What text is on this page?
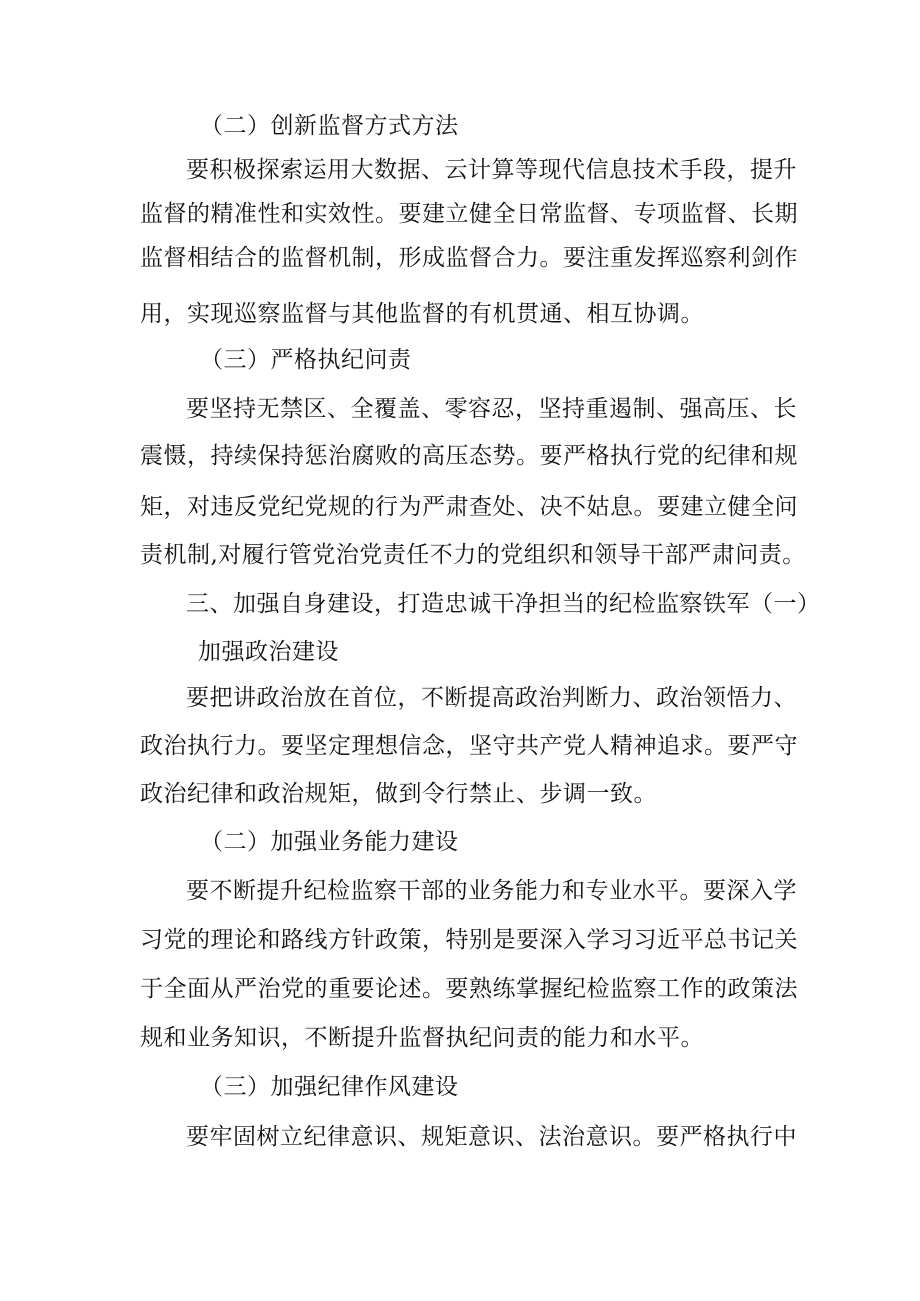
（二）创新监督方式方法
要积极探索运用大数据、云计算等现代信息技术手段，提升
监督的精准性和实效性。要建立健全日常监督、专项监督、长期
监督相结合的监督机制，形成监督合力。要注重发挥巡察利剑作
用，实现巡察监督与其他监督的有机贯通、相互协调。
（三）严格执纪问责
要坚持无禁区、全覆盖、零容忍，坚持重遏制、强高压、长
震慑，持续保持惩治腐败的高压态势。要严格执行党的纪律和规
矩，对违反党纪党规的行为严肃查处、决不姑息。要建立健全问
责机制,对履行管党治党责任不力的党组织和领导干部严肃问责。
三、加强自身建设，打造忠诚干净担当的纪检监察铁军（一）
加强政治建设
要把讲政治放在首位，不断提高政治判断力、政治领悟力、
政治执行力。要坚定理想信念，坚守共产党人精神追求。要严守
政治纪律和政治规矩，做到令行禁止、步调一致。
（二）加强业务能力建设
要不断提升纪检监察干部的业务能力和专业水平。要深入学
习党的理论和路线方针政策，特别是要深入学习习近平总书记关
于全面从严治党的重要论述。要熟练掌握纪检监察工作的政策法
规和业务知识，不断提升监督执纪问责的能力和水平。
（三）加强纪律作风建设
要牢固树立纪律意识、规矩意识、法治意识。要严格执行中
